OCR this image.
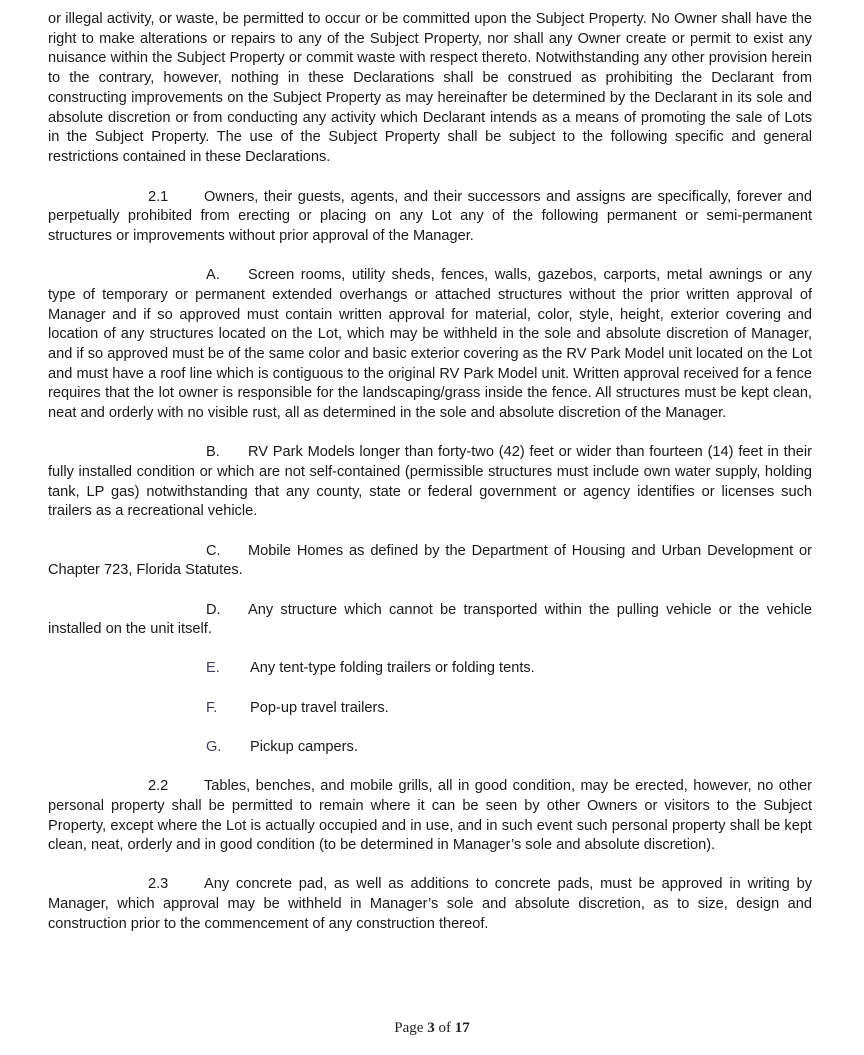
or illegal activity, or waste, be permitted to occur or be committed upon the Subject Property. No Owner shall have the right to make alterations or repairs to any of the Subject Property, nor shall any Owner create or permit to exist any nuisance within the Subject Property or commit waste with respect thereto. Notwithstanding any other provision herein to the contrary, however, nothing in these Declarations shall be construed as prohibiting the Declarant from constructing improvements on the Subject Property as may hereinafter be determined by the Declarant in its sole and absolute discretion or from conducting any activity which Declarant intends as a means of promoting the sale of Lots in the Subject Property. The use of the Subject Property shall be subject to the following specific and general restrictions contained in these Declarations.

2.1 Owners, their guests, agents, and their successors and assigns are specifically, forever and perpetually prohibited from erecting or placing on any Lot any of the following permanent or semi-permanent structures or improvements without prior approval of the Manager.

A. Screen rooms, utility sheds, fences, walls, gazebos, carports, metal awnings or any type of temporary or permanent extended overhangs or attached structures without the prior written approval of Manager and if so approved must contain written approval for material, color, style, height, exterior covering and location of any structures located on the Lot, which may be withheld in the sole and absolute discretion of Manager, and if so approved must be of the same color and basic exterior covering as the RV Park Model unit located on the Lot and must have a roof line which is contiguous to the original RV Park Model unit. Written approval received for a fence requires that the lot owner is responsible for the landscaping/grass inside the fence. All structures must be kept clean, neat and orderly with no visible rust, all as determined in the sole and absolute discretion of the Manager.

B. RV Park Models longer than forty-two (42) feet or wider than fourteen (14) feet in their fully installed condition or which are not self-contained (permissible structures must include own water supply, holding tank, LP gas) notwithstanding that any county, state or federal government or agency identifies or licenses such trailers as a recreational vehicle.

C. Mobile Homes as defined by the Department of Housing and Urban Development or Chapter 723, Florida Statutes.

D. Any structure which cannot be transported within the pulling vehicle or the vehicle installed on the unit itself.

E. Any tent-type folding trailers or folding tents.

F. Pop-up travel trailers.

G. Pickup campers.

2.2 Tables, benches, and mobile grills, all in good condition, may be erected, however, no other personal property shall be permitted to remain where it can be seen by other Owners or visitors to the Subject Property, except where the Lot is actually occupied and in use, and in such event such personal property shall be kept clean, neat, orderly and in good condition (to be determined in Manager’s sole and absolute discretion).

2.3 Any concrete pad, as well as additions to concrete pads, must be approved in writing by Manager, which approval may be withheld in Manager’s sole and absolute discretion, as to size, design and construction prior to the commencement of any construction thereof.

Page 3 of 17
